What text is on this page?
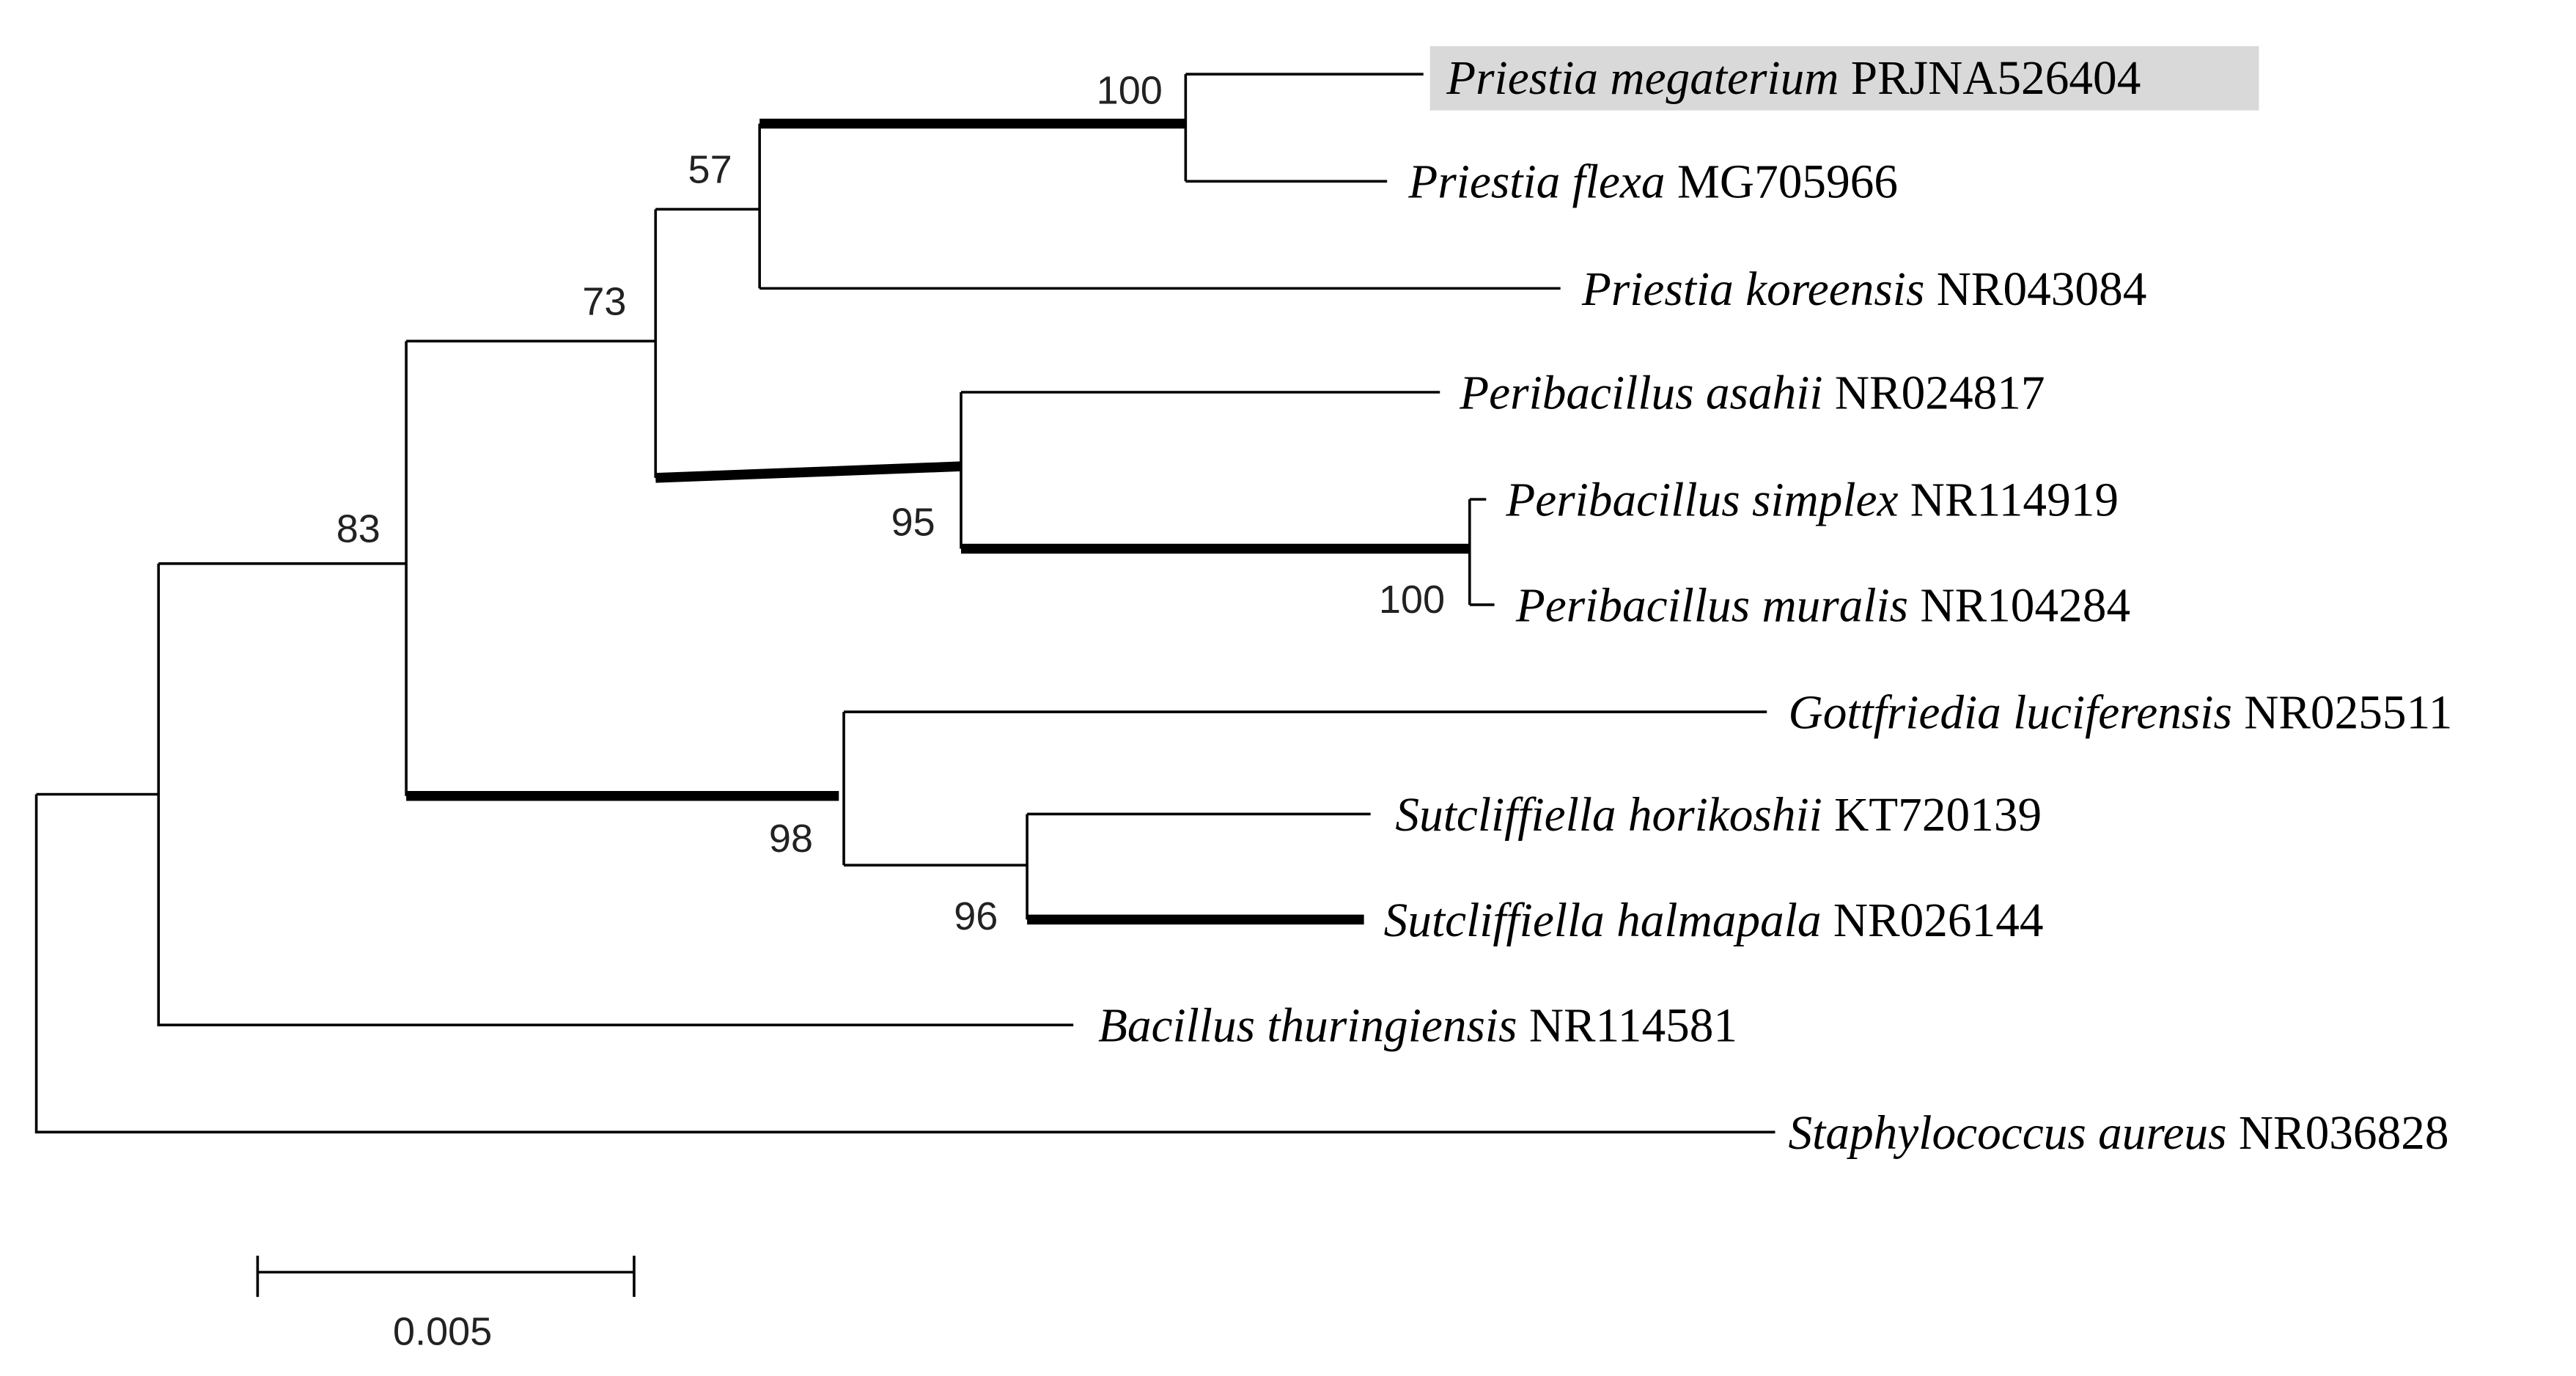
Priestia megaterium PRJNA526404
Priestia flexa MG705966
Priestia koreensis NR043084
Peribacillus asahii NR024817
Peribacillus simplex NR114919
Peribacillus muralis NR104284
Gottfriedia luciferensis NR025511
Sutcliffiella horikoshii KT720139
Sutcliffiella halmapala NR026144
Bacillus thuringiensis NR114581
Staphylococcus aureus NR036828
100
57
73
83	95
100
98
96
0.005
